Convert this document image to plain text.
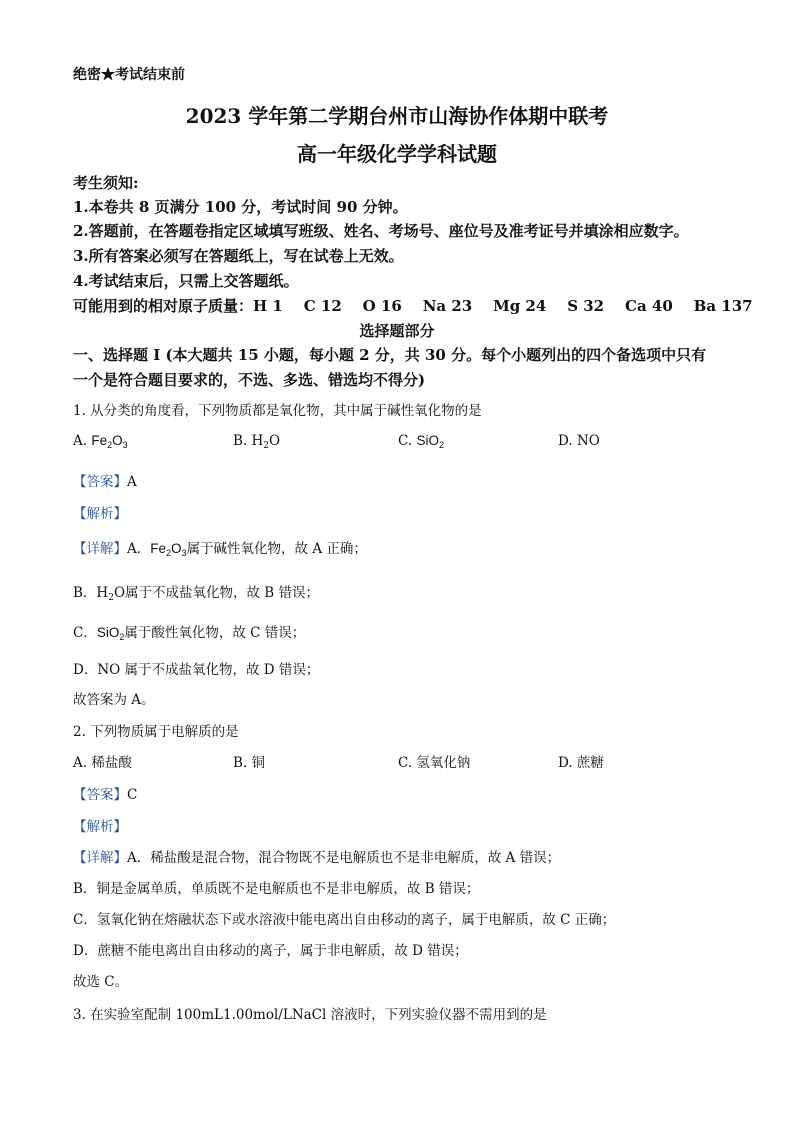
绝密★考试结束前
2023 学年第二学期台州市山海协作体期中联考
高一年级化学学科试题
考生须知:
1.本卷共 8 页满分 100 分，考试时间 90 分钟。
2.答题前，在答题卷指定区域填写班级、姓名、考场号、座位号及准考证号并填涂相应数字。
3.所有答案必须写在答题纸上，写在试卷上无效。
4.考试结束后，只需上交答题纸。
可能用到的相对原子质量：H 1    C 12    O 16    Na 23    Mg 24    S 32    Ca 40    Ba 137
选择题部分
一、选择题 I (本大题共 15 小题，每小题 2 分，共 30 分。每个小题列出的四个备选项中只有
一个是符合题目要求的，不选、多选、错选均不得分)
1. 从分类的角度看，下列物质都是氧化物，其中属于碱性氧化物的是
A. $Fe_2O_3$	B. $H_2O$	C. SiO$_2$	D. NO
【答案】A
【解析】
【详解】A．$Fe_2O_3$属于碱性氧化物，故 A 正确；
B．$H_2O$属于不成盐氧化物，故 B 错误；
C．SiO$_2$属于酸性氧化物，故 C 错误；
D．NO 属于不成盐氧化物，故 D 错误；
故答案为 A。
2. 下列物质属于电解质的是
A. 稀盐酸	B. 铜	C. 氢氧化钠	D. 蔗糖
【答案】C
【解析】
【详解】A．稀盐酸是混合物，混合物既不是电解质也不是非电解质，故 A 错误；
B．铜是金属单质，单质既不是电解质也不是非电解质，故 B 错误；
C．氢氧化钠在熔融状态下或水溶液中能电离出自由移动的离子，属于电解质，故 C 正确；
D．蔗糖不能电离出自由移动的离子，属于非电解质，故 D 错误；
故选 C。
3. 在实验室配制 100mL1.00mol/LNaCl 溶液时，下列实验仪器不需用到的是
